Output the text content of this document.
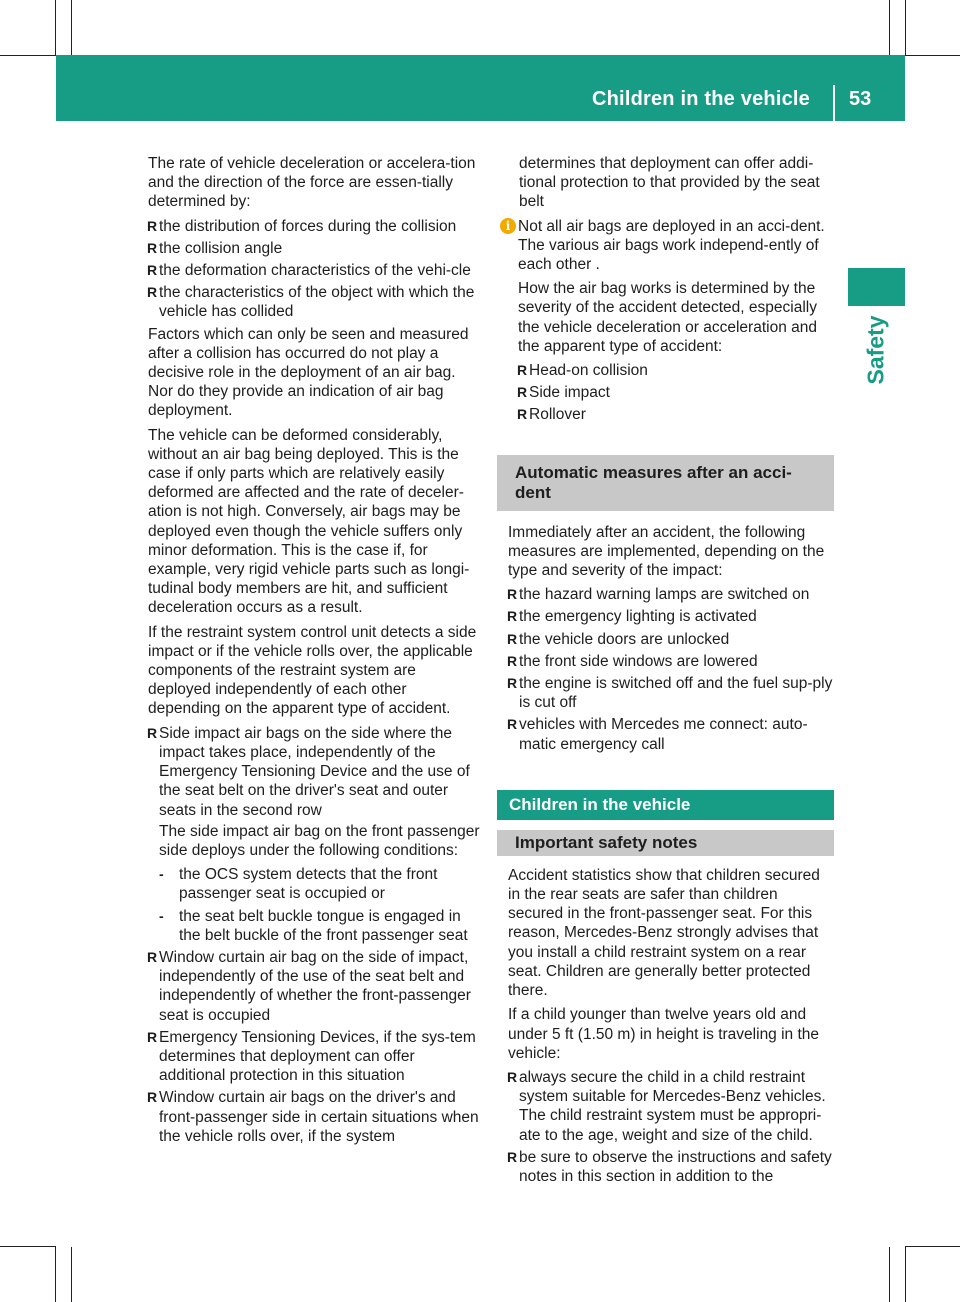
Children in the vehicle 53
Safety

The rate of vehicle deceleration or accelera-tion and the direction of the force are essen-tially determined by:

R the distribution of forces during the collision
R the collision angle
R the deformation characteristics of the vehi-cle
R the characteristics of the object with which the vehicle has collided

Factors which can only be seen and measured after a collision has occurred do not play a decisive role in the deployment of an air bag. Nor do they provide an indication of air bag deployment.

The vehicle can be deformed considerably, without an air bag being deployed. This is the case if only parts which are relatively easily deformed are affected and the rate of deceler-ation is not high. Conversely, air bags may be deployed even though the vehicle suffers only minor deformation. This is the case if, for example, very rigid vehicle parts such as longi-tudinal body members are hit, and sufficient deceleration occurs as a result.

If the restraint system control unit detects a side impact or if the vehicle rolls over, the applicable components of the restraint system are deployed independently of each other depending on the apparent type of accident.

R Side impact air bags on the side where the impact takes place, independently of the Emergency Tensioning Device and the use of the seat belt on the driver's seat and outer seats in the second row
The side impact air bag on the front passenger side deploys under the following conditions:
- the OCS system detects that the front passenger seat is occupied or
- the seat belt buckle tongue is engaged in the belt buckle of the front passenger seat
R Window curtain air bag on the side of impact, independently of the use of the seat belt and independently of whether the front-passenger seat is occupied
R Emergency Tensioning Devices, if the sys-tem determines that deployment can offer additional protection in this situation
R Window curtain air bags on the driver's and front-passenger side in certain situations when the vehicle rolls over, if the system

determines that deployment can offer addi-tional protection to that provided by the seat belt

i Not all air bags are deployed in an acci-dent. The various air bags work independ-ently of each other .

How the air bag works is determined by the severity of the accident detected, especially the vehicle deceleration or acceleration and the apparent type of accident:

R Head-on collision
R Side impact
R Rollover
Automatic measures after an acci-dent

Immediately after an accident, the following measures are implemented, depending on the type and severity of the impact:

R the hazard warning lamps are switched on
R the emergency lighting is activated
R the vehicle doors are unlocked
R the front side windows are lowered
R the engine is switched off and the fuel sup-ply is cut off
R vehicles with Mercedes me connect: auto-matic emergency call
Children in the vehicle
Important safety notes

Accident statistics show that children secured in the rear seats are safer than children secured in the front-passenger seat. For this reason, Mercedes-Benz strongly advises that you install a child restraint system on a rear seat. Children are generally better protected there.

If a child younger than twelve years old and under 5 ft (1.50 m) in height is traveling in the vehicle:

R always secure the child in a child restraint system suitable for Mercedes-Benz vehicles. The child restraint system must be appropri-ate to the age, weight and size of the child.
R be sure to observe the instructions and safety notes in this section in addition to the
